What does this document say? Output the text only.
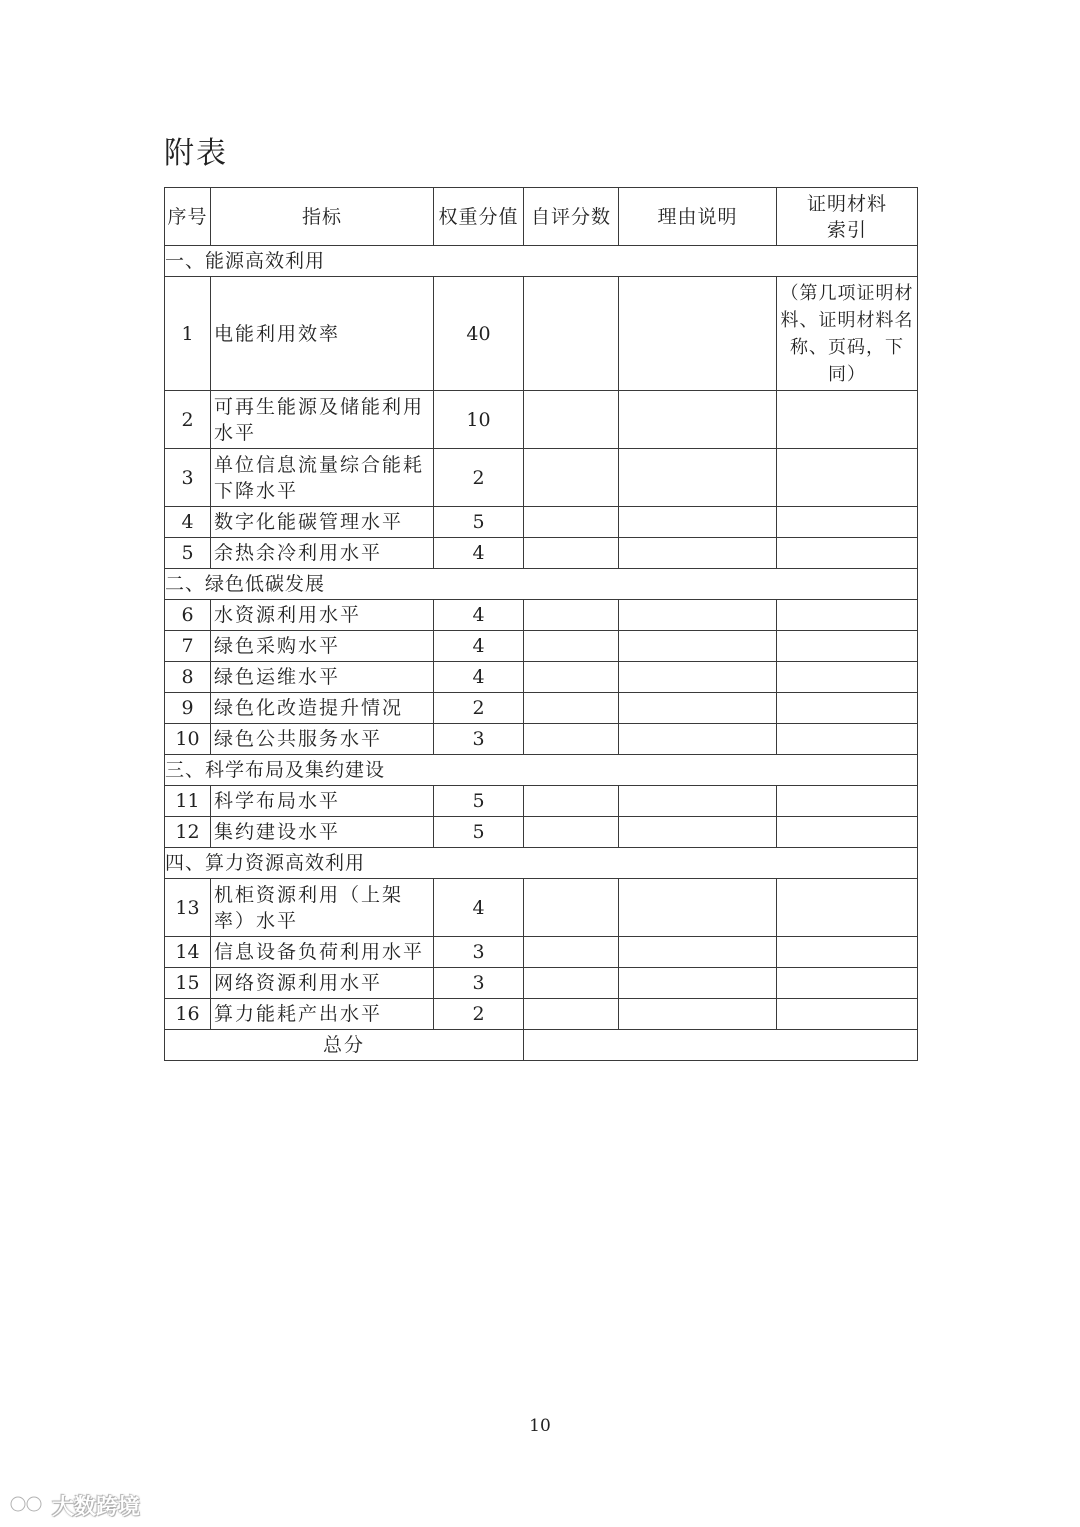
附表
序号	指标	权重分值	自评分数	理由说明	证明材料
索引

一、能源高效利用					
1	电能利用效率	40			（第几项证明材料、证明材料名称、页码，下同）
2	可再生能源及储能利用水平	10			
3	单位信息流量综合能耗下降水平	2			
4	数字化能碳管理水平	5			
5	余热余冷利用水平	4			
二、绿色低碳发展					
6	水资源利用水平	4			
7	绿色采购水平	4			
8	绿色运维水平	4			
9	绿色化改造提升情况	2			
10	绿色公共服务水平	3			
三、科学布局及集约建设					
11	科学布局水平	5			
12	集约建设水平	5			
四、算力资源高效利用					
13	机柜资源利用（上架率）水平	4			
14	信息设备负荷利用水平	3			
15	网络资源利用水平	3			
16	算力能耗产出水平	2			
总分					
10
大数跨境
